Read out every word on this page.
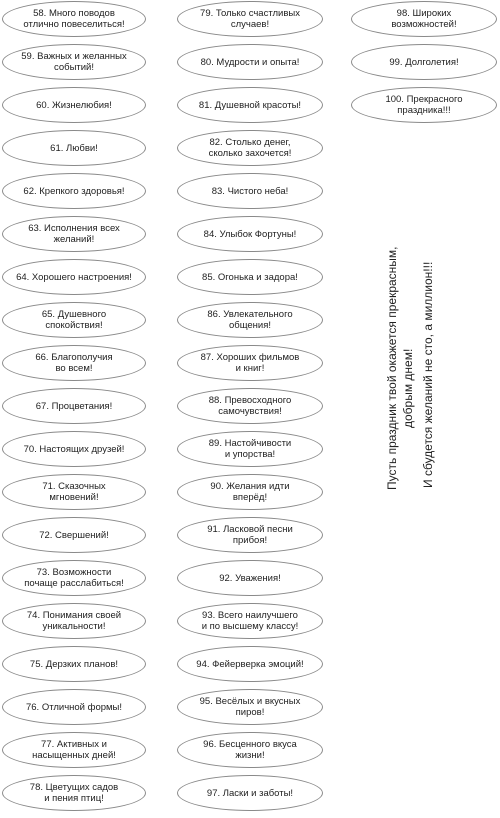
58. Много поводов
отлично повеселиться!
59. Важных и желанных
событий!
60. Жизнелюбия!
61. Любви!
62. Крепкого здоровья!
63. Исполнения всех
желаний!
64. Хорошего настроения!
65. Душевного
спокойствия!
66. Благополучия
во всем!
67. Процветания!
70. Настоящих друзей!
71. Сказочных
мгновений!
72. Свершений!
73. Возможности
почаще расслабиться!
74. Понимания своей
уникальности!
75. Дерзких планов!
76. Отличной формы!
77. Активных и
насыщенных дней!
78. Цветущих садов
и пения птиц!
79. Только счастливых
случаев!
80. Мудрости и опыта!
81. Душевной красоты!
82. Столько денег,
сколько захочется!
83. Чистого неба!
84. Улыбок Фортуны!
85. Огонька и задора!
86. Увлекательного
общения!
87. Хороших фильмов
и книг!
88. Превосходного
самочувствия!
89. Настойчивости
и упорства!
90. Желания идти
вперёд!
91. Ласковой песни
прибоя!
92. Уважения!
93. Всего наилучшего
и по высшему классу!
94. Фейерверка эмоций!
95. Весёлых и вкусных
пиров!
96. Бесценного вкуса
жизни!
97. Ласки и заботы!
98. Широких
возможностей!
99. Долголетия!
100. Прекрасного
праздника!!!
Пусть праздник твой окажется прекрасным, добрым днем! И сбудется желаний не сто, а миллион!!!
